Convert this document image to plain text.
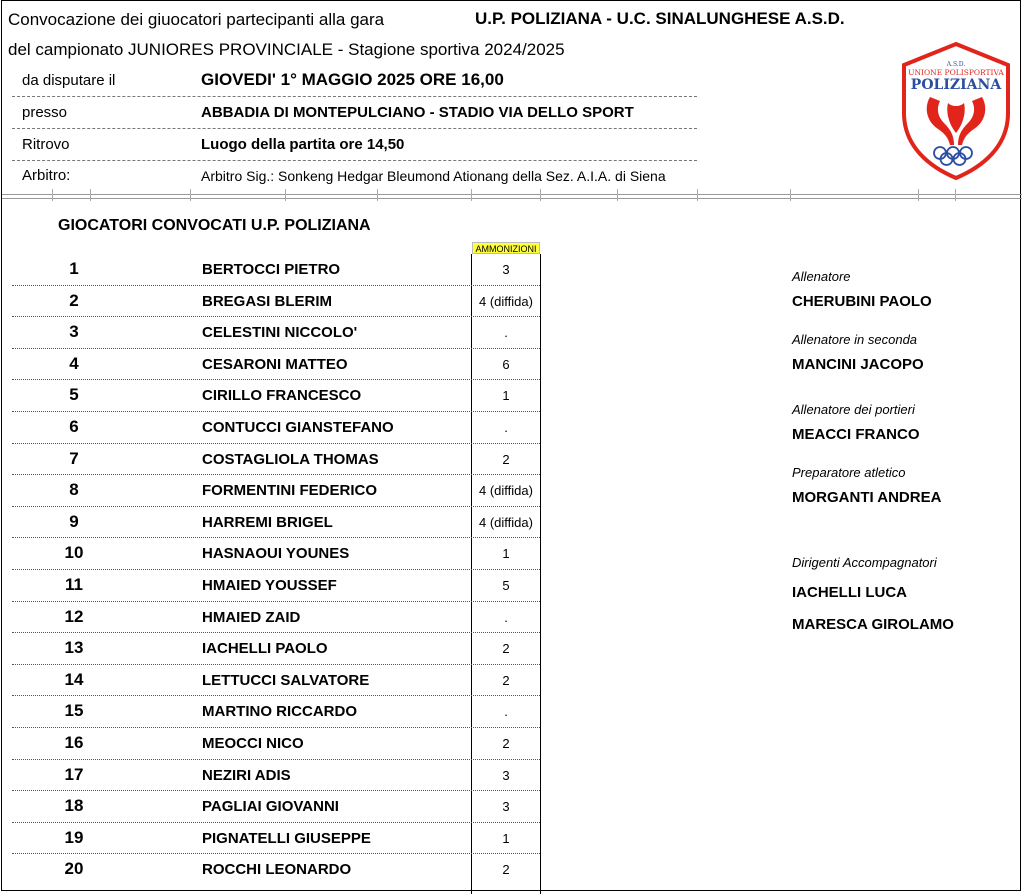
Convocazione dei giuocatori partecipanti alla gara	U.P. POLIZIANA - U.C. SINALUNGHESE A.S.D.
del campionato JUNIORES PROVINCIALE - Stagione sportiva 2024/2025
da disputare il	GIOVEDI' 1° MAGGIO 2025 ORE 16,00
presso	ABBADIA DI MONTEPULCIANO - STADIO VIA DELLO SPORT
Ritrovo	Luogo della partita ore 14,50
Arbitro:	Arbitro Sig.: Sonkeng Hedgar Bleumond Ationang della Sez. A.I.A. di Siena
GIOCATORI CONVOCATI U.P. POLIZIANA
AMMONIZIONI
1	BERTOCCI PIETRO	3
2	BREGASI BLERIM	4 (diffida)
3	CELESTINI NICCOLO'	.
4	CESARONI MATTEO	6
5	CIRILLO FRANCESCO	1
6	CONTUCCI GIANSTEFANO	.
7	COSTAGLIOLA THOMAS	2
8	FORMENTINI FEDERICO	4 (diffida)
9	HARREMI BRIGEL	4 (diffida)
10	HASNAOUI YOUNES	1
11	HMAIED YOUSSEF	5
12	HMAIED ZAID	.
13	IACHELLI PAOLO	2
14	LETTUCCI SALVATORE	2
15	MARTINO RICCARDO	.
16	MEOCCI NICO	2
17	NEZIRI ADIS	3
18	PAGLIAI GIOVANNI	3
19	PIGNATELLI GIUSEPPE	1
20	ROCCHI LEONARDO	2
Allenatore
CHERUBINI PAOLO
Allenatore in seconda
MANCINI JACOPO
Allenatore dei portieri
MEACCI FRANCO
Preparatore atletico
MORGANTI ANDREA
Dirigenti Accompagnatori
IACHELLI LUCA
MARESCA GIROLAMO
A.S.D.
UNIONE POLISPORTIVA
POLIZIANA
